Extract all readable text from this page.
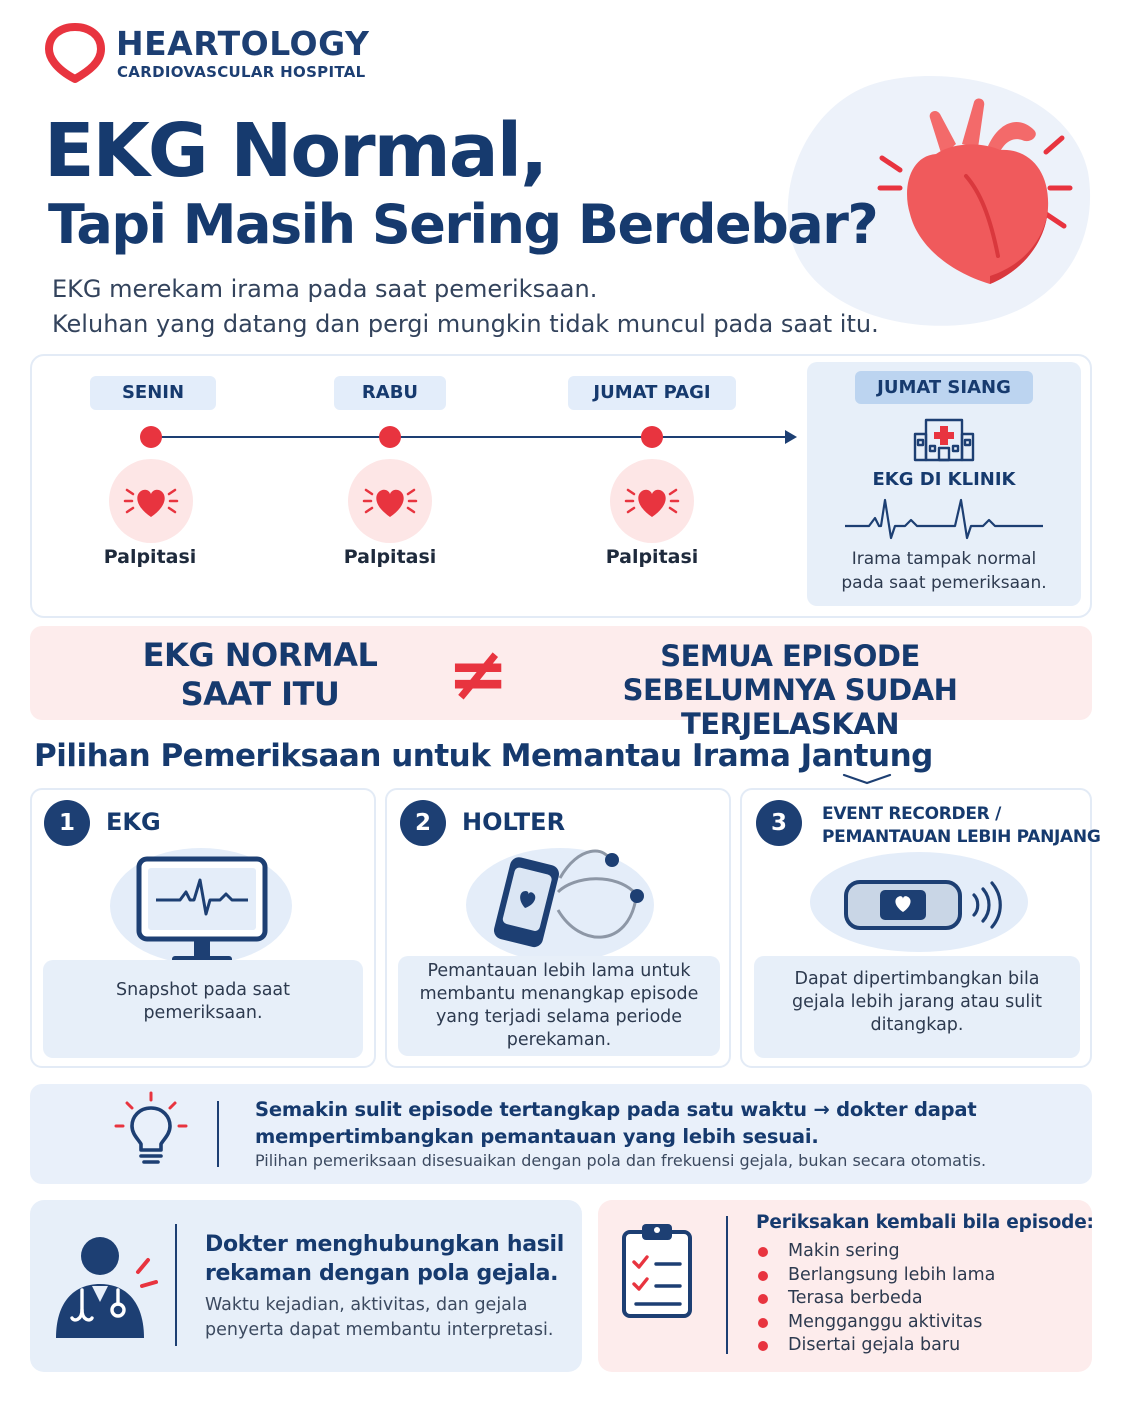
HEARTOLOGY
CARDIOVASCULAR HOSPITAL
EKG Normal,
Tapi Masih Sering Berdebar?
EKG merekam irama pada saat pemeriksaan.
Keluhan yang datang dan pergi mungkin tidak muncul pada saat itu.
SENIN	RABU	JUMAT PAGI
Palpitasi	Palpitasi	Palpitasi
JUMAT SIANG
EKG DI KLINIK
Irama tampak normal
pada saat pemeriksaan.
EKG NORMAL
SAAT ITU	≠	SEMUA EPISODE
SEBELUMNYA SUDAH TERJELASKAN
Pilihan Pemeriksaan untuk Memantau Irama Jantung
1	EKG
Snapshot pada saat
pemeriksaan.
2	HOLTER
Pemantauan lebih lama untuk
membantu menangkap episode
yang terjadi selama periode
perekaman.
3	EVENT RECORDER /
PEMANTAUAN LEBIH PANJANG
Dapat dipertimbangkan bila
gejala lebih jarang atau sulit
ditangkap.
Semakin sulit episode tertangkap pada satu waktu → dokter dapat
mempertimbangkan pemantauan yang lebih sesuai.
Pilihan pemeriksaan disesuaikan dengan pola dan frekuensi gejala, bukan secara otomatis.
Dokter menghubungkan hasil
rekaman dengan pola gejala.
Waktu kejadian, aktivitas, dan gejala
penyerta dapat membantu interpretasi.
Periksakan kembali bila episode:
Makin sering
Berlangsung lebih lama
Terasa berbeda
Mengganggu aktivitas
Disertai gejala baru
